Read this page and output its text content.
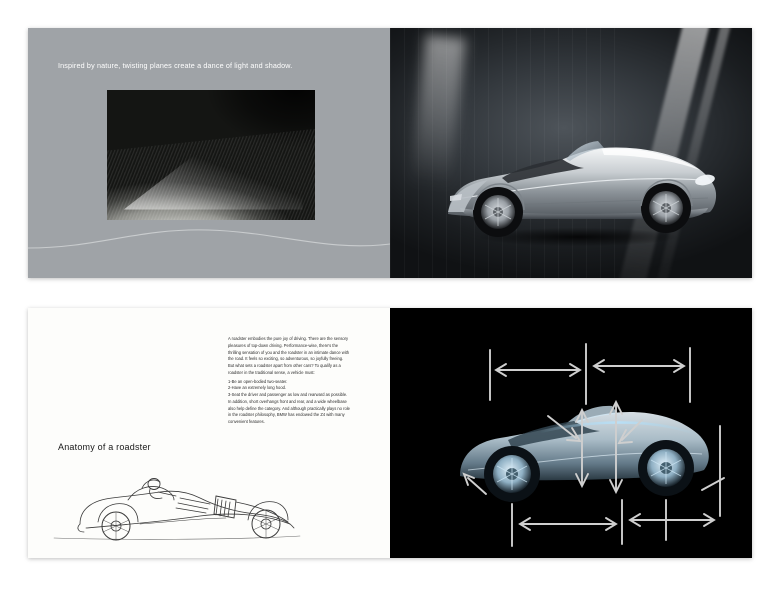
Inspired by nature, twisting planes create a dance of light and shadow.
Anatomy of a roadster

A roadster embodies the pure joy of driving. There are the sensory pleasures of top-down driving. Performance-wise, there's the thrilling sensation of you and the roadster in an intimate dance with the road. It feels so exciting, so adventurous, so joyfully freeing. But what sets a roadster apart from other cars? To qualify as a roadster in the traditional sense, a vehicle must:

1-Be an open-bodied two-seater.
2-Have an extremely long hood.
3-Seat the driver and passenger as low and rearward as possible.

In addition, short overhangs front and rear, and a wide wheelbase also help define the category. And although practically plays no role in the roadster philosophy, BMW has endowed the Z4 with many convenient features.
